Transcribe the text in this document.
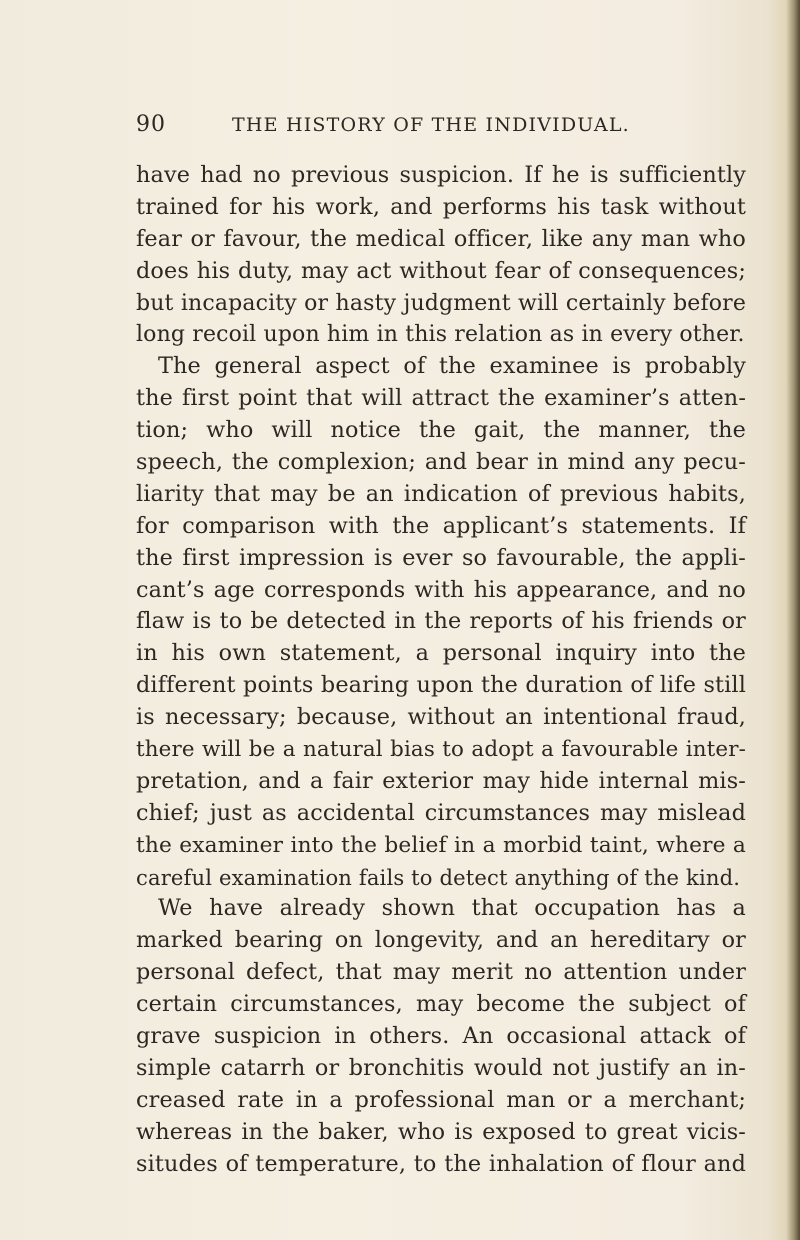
90	THE HISTORY OF THE INDIVIDUAL.
have had no previous suspicion. If he is sufficiently
trained for his work, and performs his task without
fear or favour, the medical officer, like any man who
does his duty, may act without fear of consequences;
but incapacity or hasty judgment will certainly before
long recoil upon him in this relation as in every other.
The general aspect of the examinee is probably
the first point that will attract the examiner’s atten-
tion; who will notice the gait, the manner, the
speech, the complexion; and bear in mind any pecu-
liarity that may be an indication of previous habits,
for comparison with the applicant’s statements. If
the first impression is ever so favourable, the appli-
cant’s age corresponds with his appearance, and no
flaw is to be detected in the reports of his friends or
in his own statement, a personal inquiry into the
different points bearing upon the duration of life still
is necessary; because, without an intentional fraud,
there will be a natural bias to adopt a favourable inter-
pretation, and a fair exterior may hide internal mis-
chief; just as accidental circumstances may mislead
the examiner into the belief in a morbid taint, where a
careful examination fails to detect anything of the kind.
We have already shown that occupation has a
marked bearing on longevity, and an hereditary or
personal defect, that may merit no attention under
certain circumstances, may become the subject of
grave suspicion in others. An occasional attack of
simple catarrh or bronchitis would not justify an in-
creased rate in a professional man or a merchant;
whereas in the baker, who is exposed to great vicis-
situdes of temperature, to the inhalation of flour and
